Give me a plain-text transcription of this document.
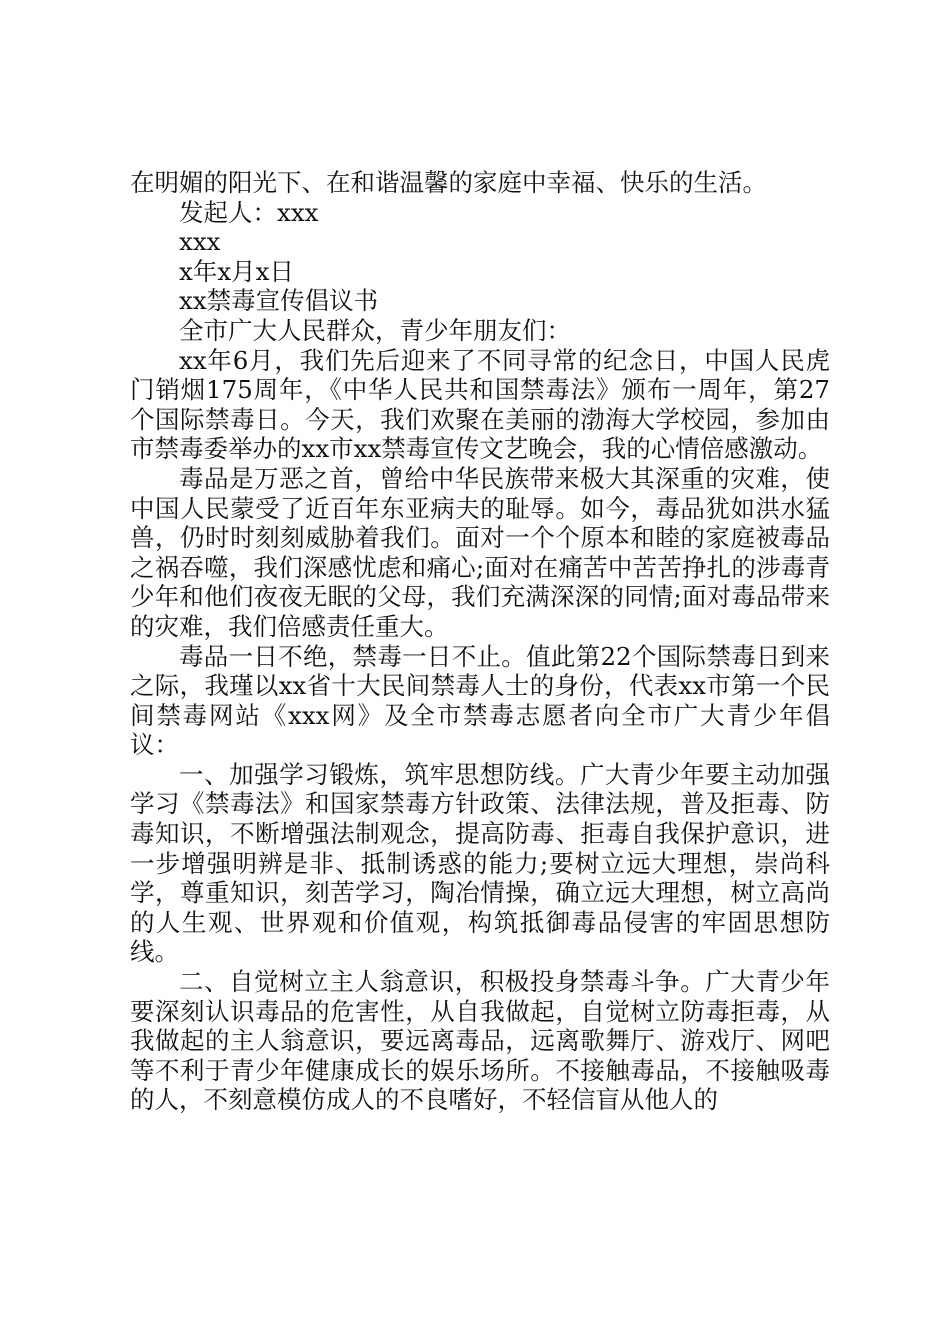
在明媚的阳光下、在和谐温馨的家庭中幸福、快乐的生活。

发起人：xxx

xxx

x年x月x日

xx禁毒宣传倡议书

全市广大人民群众，青少年朋友们：

xx年6月，我们先后迎来了不同寻常的纪念日，中国人民虎门销烟175周年，《中华人民共和国禁毒法》颁布一周年，第27个国际禁毒日。今天，我们欢聚在美丽的渤海大学校园，参加由市禁毒委举办的xx市xx禁毒宣传文艺晚会，我的心情倍感激动。

毒品是万恶之首，曾给中华民族带来极大其深重的灾难，使中国人民蒙受了近百年东亚病夫的耻辱。如今，毒品犹如洪水猛兽，仍时时刻刻威胁着我们。面对一个个原本和睦的家庭被毒品之祸吞噬，我们深感忧虑和痛心;面对在痛苦中苦苦挣扎的涉毒青少年和他们夜夜无眠的父母，我们充满深深的同情;面对毒品带来的灾难，我们倍感责任重大。

毒品一日不绝，禁毒一日不止。值此第22个国际禁毒日到来之际，我瑾以xx省十大民间禁毒人士的身份，代表xx市第一个民间禁毒网站《xxx网》及全市禁毒志愿者向全市广大青少年倡议：

一、加强学习锻炼，筑牢思想防线。广大青少年要主动加强学习《禁毒法》和国家禁毒方针政策、法律法规，普及拒毒、防毒知识，不断增强法制观念，提高防毒、拒毒自我保护意识，进一步增强明辨是非、抵制诱惑的能力;要树立远大理想，崇尚科学，尊重知识，刻苦学习，陶冶情操，确立远大理想，树立高尚的人生观、世界观和价值观，构筑抵御毒品侵害的牢固思想防线。

二、自觉树立主人翁意识，积极投身禁毒斗争。广大青少年要深刻认识毒品的危害性，从自我做起，自觉树立防毒拒毒，从我做起的主人翁意识，要远离毒品，远离歌舞厅、游戏厅、网吧等不利于青少年健康成长的娱乐场所。不接触毒品，不接触吸毒的人，不刻意模仿成人的不良嗜好，不轻信盲从他人的
